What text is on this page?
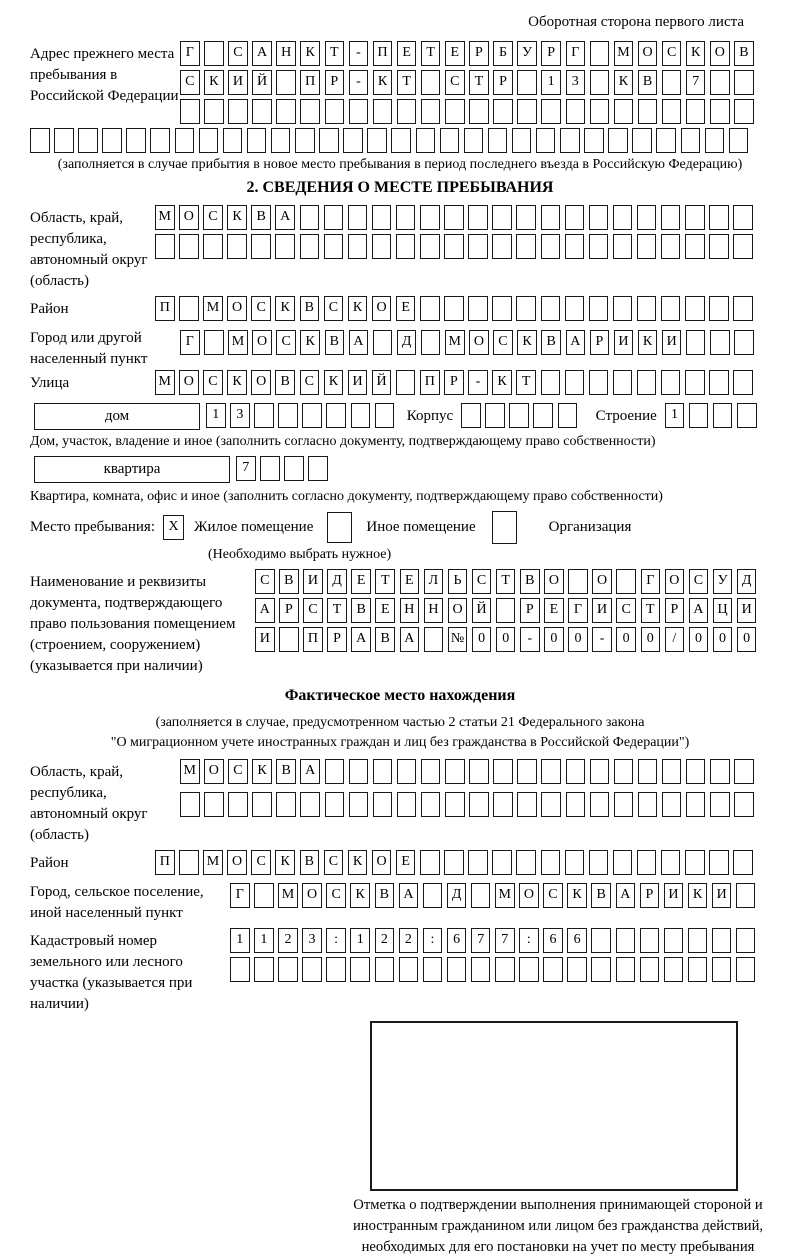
Оборотная сторона первого листа
Адрес прежнего места пребывания в Российской Федерации
Г	С А Н К Т - П Е Т Е Р Б У Р Г	М О С К О В
С К И Й	П Р - К Т	С Т Р	1 3	К В	7
(заполняется в случае прибытия в новое место пребывания в период последнего въезда в Российскую Федерацию)
2. СВЕДЕНИЯ О МЕСТЕ ПРЕБЫВАНИЯ
Область, край, республика, автономный округ (область)
М О С К В А
Район	П	М О С К В С К О Е
Город или другой населенный пункт
Г	М О С К В А	Д	М О С К В А Р И К И
Улица	М О С К О В С К И Й	П Р - К Т
дом	1 3	Корпус	Строение	1
Дом, участок, владение и иное (заполнить согласно документу, подтверждающему право собственности)
квартира	7
Квартира, комната, офис и иное (заполнить согласно документу, подтверждающему право собственности)
Место пребывания: X	Жилое помещение	Иное помещение	Организация
(Необходимо выбрать нужное)
Наименование и реквизиты документа, подтверждающего право пользования помещением (строением, сооружением) (указывается при наличии)
С В И Д Е Т Е Л Ь С Т В О	О	Г О С У Д
А Р С Т В Е Н Н О Й	Р Е Г И С Т Р А Ц И
И	П Р А В А	№ 0 0 - 0 0 - 0 0 / 0 0 0
Фактическое место нахождения
(заполняется в случае, предусмотренном частью 2 статьи 21 Федерального закона
"О миграционном учете иностранных граждан и лиц без гражданства в Российской Федерации")
Область, край, республика, автономный округ (область)
М О С К В А
Район	П	М О С К В С К О Е
Город, сельское поселение, иной населенный пункт
Г	М О С К В А	Д	М О С К В А Р И К И
Кадастровый номер земельного или лесного участка (указывается при наличии)
1 1 2 3 : 1 2 2 : 6 7 7 : 6 6
Отметка о подтверждении выполнения принимающей стороной и иностранным гражданином или лицом без гражданства действий, необходимых для его постановки на учет по месту пребывания
